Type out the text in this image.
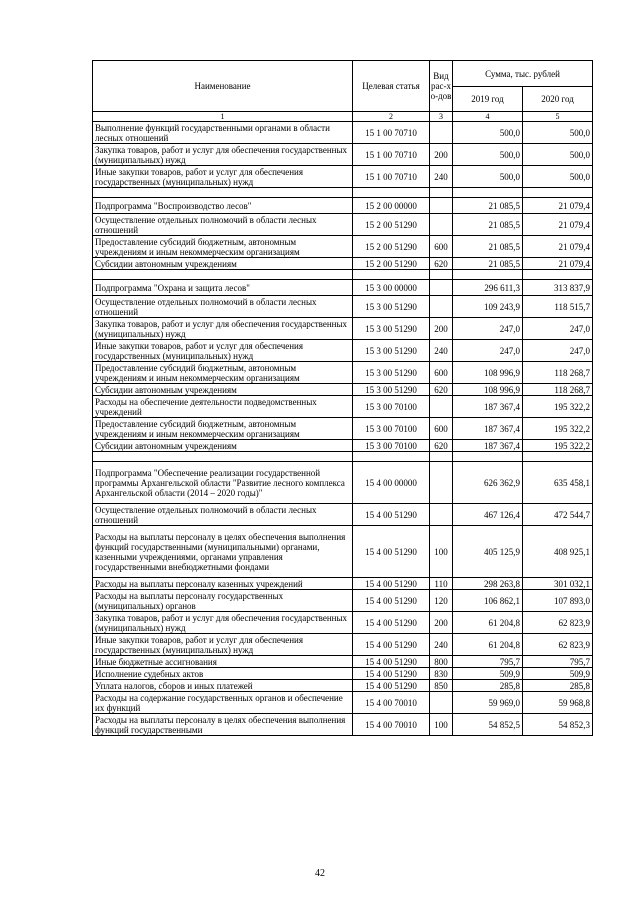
Наименование	Целевая статья	Вид рас-хо-дов	Сумма, тыс. рублей	
			2019 год	2020 год
1	2	3	4	5
Выполнение функций государственными органами в области лесных отношений	15 1 00 70710		500,0	500,0
Закупка товаров, работ и услуг для обеспечения государственных (муниципальных) нужд	15 1 00 70710	200	500,0	500,0
Иные закупки товаров, работ и услуг для обеспечения государственных (муниципальных) нужд	15 1 00 70710	240	500,0	500,0

Подпрограмма "Воспроизводство лесов"	15 2 00 00000		21 085,5	21 079,4
Осуществление отдельных полномочий в области лесных отношений	15 2 00 51290		21 085,5	21 079,4
Предоставление субсидий бюджетным, автономным учреждениям и иным некоммерческим организациям	15 2 00 51290	600	21 085,5	21 079,4
Субсидии автономным учреждениям	15 2 00 51290	620	21 085,5	21 079,4

Подпрограмма "Охрана и защита лесов"	15 3 00 00000		296 611,3	313 837,9
Осуществление отдельных полномочий в области лесных отношений	15 3 00 51290		109 243,9	118 515,7
Закупка товаров, работ и услуг для обеспечения государственных (муниципальных) нужд	15 3 00 51290	200	247,0	247,0
Иные закупки товаров, работ и услуг для обеспечения государственных (муниципальных) нужд	15 3 00 51290	240	247,0	247,0
Предоставление субсидий бюджетным, автономным учреждениям и иным некоммерческим организациям	15 3 00 51290	600	108 996,9	118 268,7
Субсидии автономным учреждениям	15 3 00 51290	620	108 996,9	118 268,7
Расходы на обеспечение деятельности подведомственных учреждений	15 3 00 70100		187 367,4	195 322,2
Предоставление субсидий бюджетным, автономным учреждениям и иным некоммерческим организациям	15 3 00 70100	600	187 367,4	195 322,2
Субсидии автономным учреждениям	15 3 00 70100	620	187 367,4	195 322,2

Подпрограмма "Обеспечение реализации государственной программы Архангельской области "Развитие лесного комплекса Архангельской области (2014 – 2020 годы)"	15 4 00 00000		626 362,9	635 458,1
Осуществление отдельных полномочий в области лесных отношений	15 4 00 51290		467 126,4	472 544,7
Расходы на выплаты персоналу в целях обеспечения выполнения функций государственными (муниципальными) органами, казенными учреждениями, органами управления государственными внебюджетными фондами	15 4 00 51290	100	405 125,9	408 925,1
Расходы на выплаты персоналу казенных учреждений	15 4 00 51290	110	298 263,8	301 032,1
Расходы на выплаты персоналу государственных (муниципальных) органов	15 4 00 51290	120	106 862,1	107 893,0
Закупка товаров, работ и услуг для обеспечения государственных (муниципальных) нужд	15 4 00 51290	200	61 204,8	62 823,9
Иные закупки товаров, работ и услуг для обеспечения государственных (муниципальных) нужд	15 4 00 51290	240	61 204,8	62 823,9
Иные бюджетные ассигнования	15 4 00 51290	800	795,7	795,7
Исполнение судебных актов	15 4 00 51290	830	509,9	509,9
Уплата налогов, сборов и иных платежей	15 4 00 51290	850	285,8	285,8
Расходы на содержание государственных органов и обеспечение их функций	15 4 00 70010		59 969,0	59 968,8
Расходы на выплаты персоналу в целях обеспечения выполнения функций государственными	15 4 00 70010	100	54 852,5	54 852,3
42
